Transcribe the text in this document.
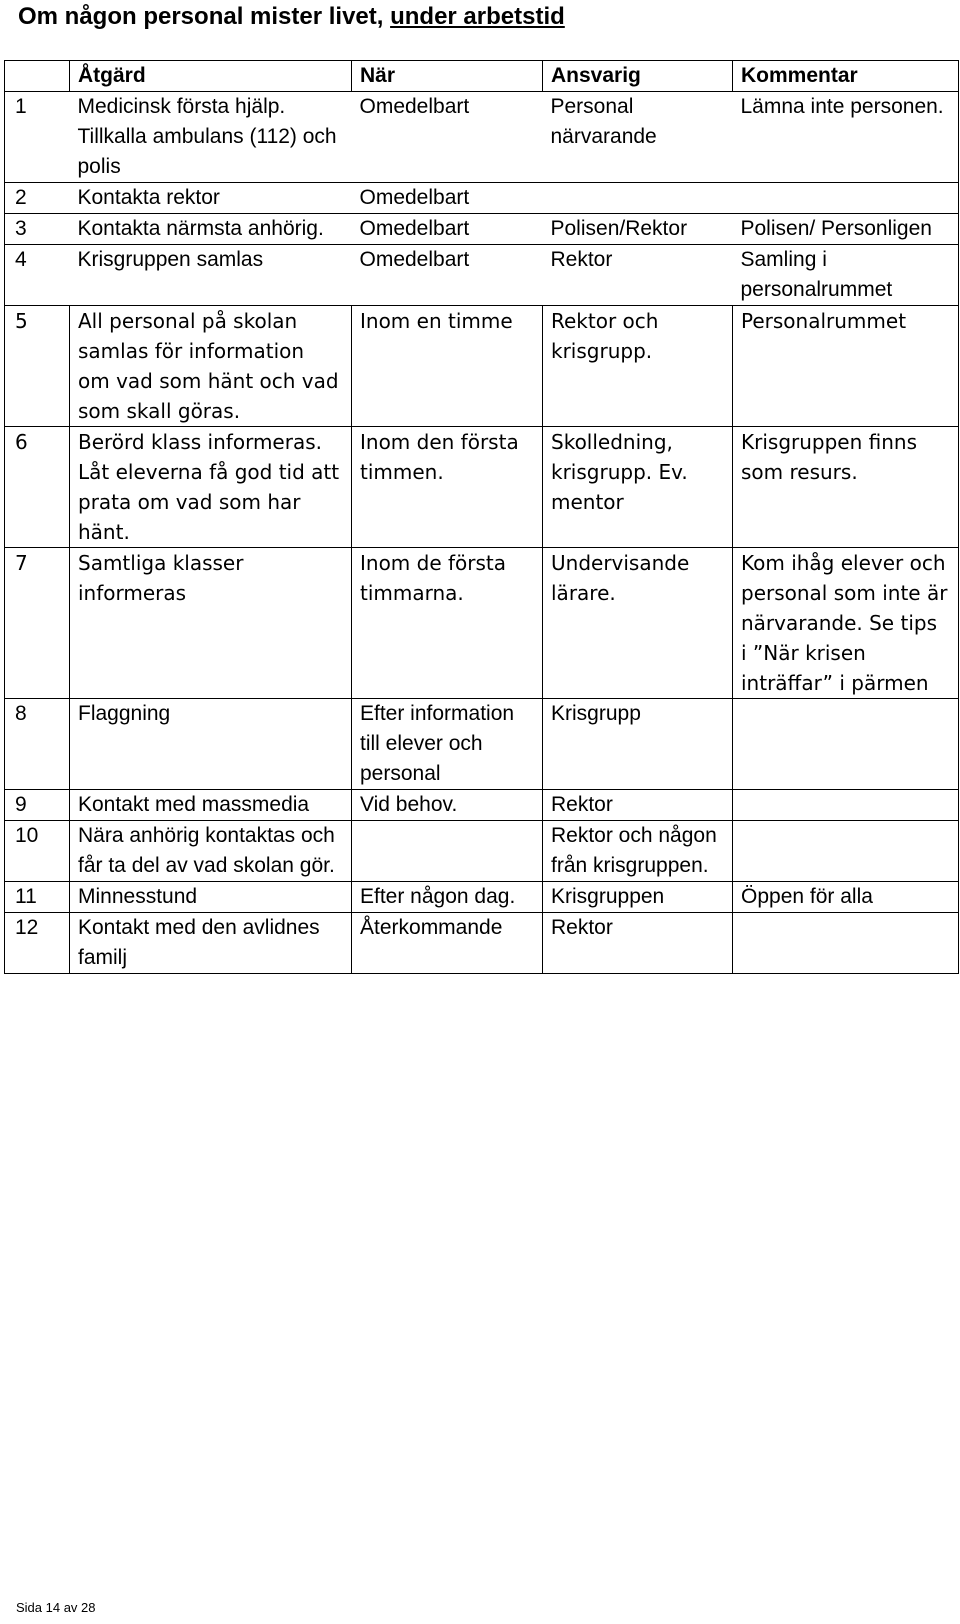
Om någon personal mister livet, under arbetstid
	Åtgärd	När	Ansvarig	Kommentar
1	Medicinsk första hjälp. Tillkalla ambulans (112) och polis	Omedelbart	Personal närvarande	Lämna inte personen.
2	Kontakta rektor	Omedelbart		
3	Kontakta närmsta anhörig.	Omedelbart	Polisen/Rektor	Polisen/ Personligen
4	Krisgruppen samlas	Omedelbart	Rektor	Samling i personalrummet
5	All personal på skolan samlas för information om vad som hänt och vad som skall göras.	Inom en timme	Rektor och krisgrupp.	Personalrummet
6	Berörd klass informeras. Låt eleverna få god tid att prata om vad som har hänt.	Inom den första timmen.	Skolledning, krisgrupp. Ev. mentor	Krisgruppen finns som resurs.
7	Samtliga klasser informeras	Inom de första timmarna.	Undervisande lärare.	Kom ihåg elever och personal som inte är närvarande. Se tips i ”När krisen inträffar” i pärmen
8	Flaggning	Efter information till elever och personal	Krisgrupp	
9	Kontakt med massmedia	Vid behov.	Rektor	
10	Nära anhörig kontaktas och får ta del av vad skolan gör.		Rektor och någon från krisgruppen.	
11	Minnesstund	Efter någon dag.	Krisgruppen	Öppen för alla
12	Kontakt med den avlidnes familj	Återkommande	Rektor	
Sida 14 av 28
